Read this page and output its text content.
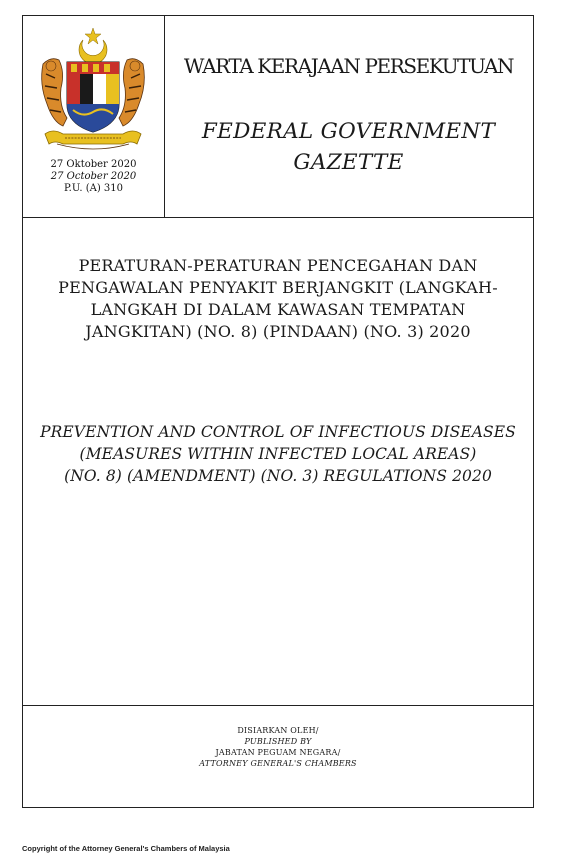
27 Oktober 2020
27 October 2020
P.U. (A) 310
WARTA KERAJAAN PERSEKUTUAN
FEDERAL GOVERNMENT GAZETTE
PERATURAN-PERATURAN PENCEGAHAN DAN PENGAWALAN PENYAKIT BERJANGKIT (LANGKAH-LANGKAH DI DALAM KAWASAN TEMPATAN JANGKITAN) (NO. 8) (PINDAAN) (NO. 3) 2020
PREVENTION AND CONTROL OF INFECTIOUS DISEASES
(MEASURES WITHIN INFECTED LOCAL AREAS)
(NO. 8) (AMENDMENT) (NO. 3) REGULATIONS 2020
DISIARKAN OLEH/
PUBLISHED BY
JABATAN PEGUAM NEGARA/
ATTORNEY GENERAL'S CHAMBERS
Copyright of the Attorney General's Chambers of Malaysia
